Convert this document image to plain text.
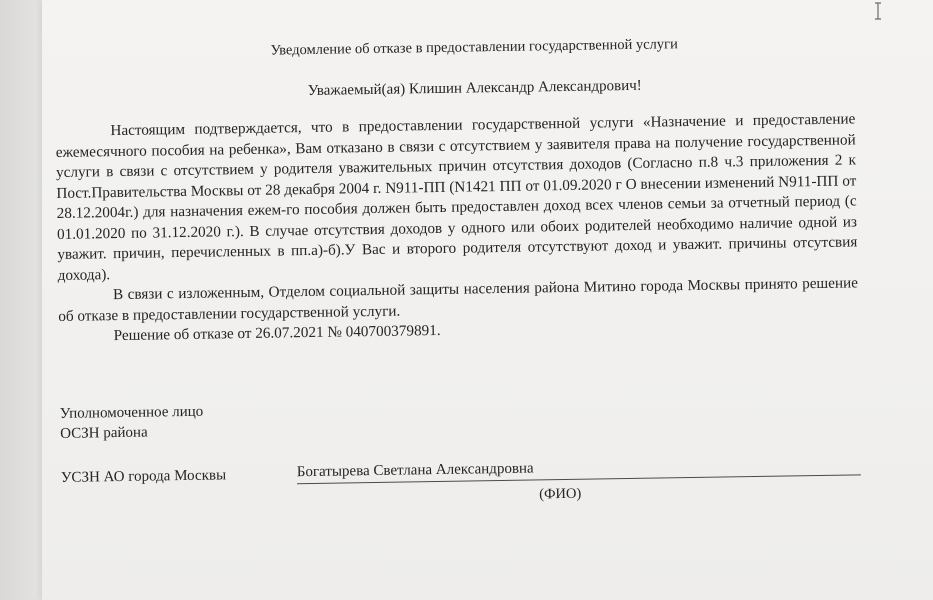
Уведомление об отказе в предоставлении государственной услуги
Уважаемый(ая) Клишин Александр Александрович!

Настоящим подтверждается, что в предоставлении государственной услуги «Назначение и предоставление ежемесячного пособия на ребенка», Вам отказано в связи с отсутствием у заявителя права на получение государственной услуги в связи с отсутствием у родителя уважительных причин отсутствия доходов (Согласно п.8 ч.3 приложения 2 к Пост.Правительства Москвы от 28 декабря 2004 г. N911-ПП (N1421 ПП от 01.09.2020 г О внесении изменений N911-ПП от 28.12.2004г.) для назначения ежем-го пособия должен быть предоставлен доход всех членов семьи за отчетный период (с 01.01.2020 по 31.12.2020 г.). В случае отсутствия доходов у одного или обоих родителей необходимо наличие одной из уважит. причин, перечисленных в пп.а)-б).У Вас и второго родителя отсутствуют доход и уважит. причины отсутсвия дохода). В связи с изложенным, Отделом социальной защиты населения района Митино города Москвы принято решение об отказе в предоставлении государственной услуги.

Решение об отказе от 26.07.2021 № 040700379891.

Уполномоченное лицо
ОСЗН района
УСЗН АО города Москвы	Богатырева Светлана Александровна
(ФИО)
